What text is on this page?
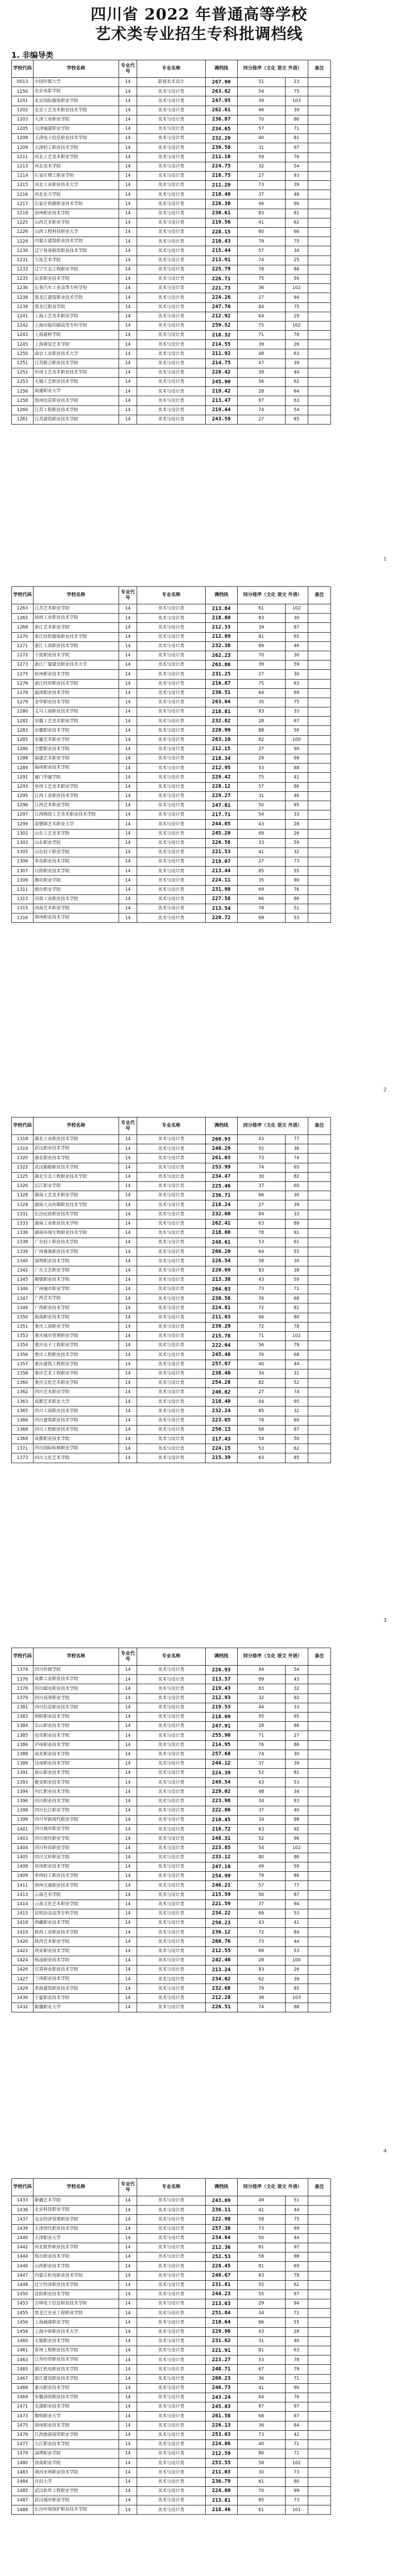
四川省 2022 年普通高等学校
艺术类专业招生专科批调档线
1. 非编导类
学校代码	学校名称	专业代号	专业名称	调档线	同分排序（文化 语文 外语）		备注
0013	中国传媒大学	14	影视美术设计	267.90	51	23	
1150	北京电影学院	14	美术与设计类	263.82	54	75	
1201	北京国际服装职业学院	14	美术与设计类	247.95	39	103	
1202	北京工艺美术职业技术学院	14	美术与设计类	262.61	46	39	
1203	天津工业职业学院	14	美术与设计类	236.87	70	86	
1205	天津城建职业学院	14	美术与设计类	234.65	57	71	
1208	天津电子信息职业技术学院	14	美术与设计类	232.20	40	81	
1209	天津轻工职业技术学院	14	美术与设计类	239.58	31	97	
1211	河北工艺美术职业学院	14	美术与设计类	211.10	59	76	
1213	河北美术学院	14	美术与设计类	224.75	32	54	
1214	石家庄理工职业学院	14	美术与设计类	218.75	27	93	
1215	河北工业职业技术大学	14	美术与设计类	211.29	73	39	
1216	河北东方学院	14	美术与设计类	210.40	37	48	
1217	石家庄铁路职业技术学院	14	美术与设计类	226.30	46	90	
1218	沧州职业技术学院	14	美术与设计类	230.61	83	81	
1225	山西艺术职业学院	14	美术与设计类	219.56	41	62	
1226	山西工程科技职业大学	14	美术与设计类	228.15	60	66	
1228	内蒙古建筑职业技术学院	14	美术与设计类	210.43	79	75	
1230	辽宁装备制造职业技术学院	14	美术与设计类	215.44	57	34	
1231	大连艺术学院	14	美术与设计类	213.91	74	25	
1233	辽宁生态工程职业学院	14	美术与设计类	225.79	78	88	
1235	长春职业技术学院	14	美术与设计类	226.71	75	56	
1236	长春汽车工业高等专科学校	14	美术与设计类	221.73	36	102	
1238	黑龙江建筑职业技术学院	14	美术与设计类	224.26	27	94	
1239	黑龙江职业学院	14	美术与设计类	247.76	84	75	
1241	上海工艺美术职业学院	14	美术与设计类	212.92	64	29	
1242	上海出版印刷高等专科学校	14	美术与设计类	259.52	75	102	
1243	上海建桥学院	14	美术与设计类	218.32	71	78	
1245	上海视觉艺术学院	14	美术与设计类	214.55	39	26	
1250	南京工业职业技术大学	14	美术与设计类	211.92	48	63	
1251	江苏联合职业技术学院	14	美术与设计类	214.75	47	39	
1252	苏州工艺美术职业技术学院	14	美术与设计类	228.42	39	44	
1253	无锡工艺职业技术学院	14	美术与设计类	245.90	56	62	
1256	南通职业大学	14	美术与设计类	219.42	28	64	
1258	常州信息职业技术学院	14	美术与设计类	213.47	87	63	
1260	江苏工程职业技术学院	14	美术与设计类	219.44	74	54	
1261	江苏建筑职业技术学院	14	美术与设计类	243.58	27	85	
1
学校代码	学校名称	专业代号	专业名称	调档线	同分排序（文化 语文 外语）		备注
1263	江苏艺术职业学院	14	美术与设计类	213.84	61	102	
1265	扬州工业职业技术学院	14	美术与设计类	218.80	83	30	
1268	浙江艺术职业学院	14	美术与设计类	212.33	39	87	
1270	浙江纺织服装职业技术学院	14	美术与设计类	212.89	81	65	
1271	浙江工商职业技术学院	14	美术与设计类	232.38	89	46	
1272	宁波职业技术学院	14	美术与设计类	262.23	70	30	
1273	浙江广厦建设职业技术大学	14	美术与设计类	263.86	39	59	
1275	杭州职业技术学院	14	美术与设计类	231.25	27	30	
1276	浙江经贸职业技术学院	14	美术与设计类	216.87	75	63	
1278	温州职业技术学院	14	美术与设计类	230.51	64	69	
1279	金华职业技术学院	14	美术与设计类	263.64	35	75	
1280	义乌工商职业技术学院	14	美术与设计类	218.81	83	33	
1282	安徽工艺美术职业学院	14	美术与设计类	232.82	28	67	
1283	安徽职业技术学院	14	美术与设计类	220.99	88	56	
1285	安徽艺术职业学院	14	美术与设计类	263.10	82	100	
1286	合肥职业技术学院	14	美术与设计类	212.15	27	90	
1288	福建艺术职业学院	14	美术与设计类	218.34	29	98	
1289	福州职业技术学院	14	美术与设计类	212.95	53	88	
1291	厦门华厦学院	14	美术与设计类	229.42	75	41	
1293	泉州工艺美术职业学院	14	美术与设计类	228.12	57	86	
1295	江西工业职业技术学院	14	美术与设计类	229.27	31	46	
1296	江西艺术职业学院	14	美术与设计类	247.81	50	95	
1297	江西陶瓷工艺美术职业技术学院	14	美术与设计类	217.71	54	33	
1299	景德镇艺术职业大学	14	美术与设计类	244.85	43	28	
1302	山东工艺美术学院	14	美术与设计类	245.20	69	26	
1303	山东职业学院	14	美术与设计类	226.58	33	59	
1305	山东轻工职业学院	14	美术与设计类	221.53	41	32	
1306	青岛职业技术学院	14	美术与设计类	219.07	27	73	
1307	日照职业技术学院	14	美术与设计类	213.44	85	55	
1309	潍坊职业学院	14	美术与设计类	224.11	35	90	
1311	烟台职业学院	14	美术与设计类	231.98	69	76	
1313	河南工业职业技术学院	14	美术与设计类	227.58	66	86	
1315	河南艺术职业学院	14	美术与设计类	213.54	78	51	
1316	郑州职业技术学院	14	美术与设计类	220.72	69	53	
2
学校代码	学校名称	专业代号	专业名称	调档线	同分排序（文化 语文 外语）		备注
1318	湖北工业职业技术学院	14	美术与设计类	260.93	43	77	
1319	武汉职业技术学院	14	美术与设计类	240.29	55	36	
1320	湖北职业技术学院	14	美术与设计类	261.03	73	74	
1322	武汉船舶职业技术学院	14	美术与设计类	253.99	74	65	
1325	湖北生态工程职业技术学院	14	美术与设计类	234.47	30	82	
1326	长江职业学院	14	美术与设计类	225.46	37	60	
1328	湖南工艺美术职业学院	14	美术与设计类	236.71	66	30	
1329	湖南大众传媒职业技术学院	14	美术与设计类	218.24	27	39	
1331	长沙民政职业技术学院	14	美术与设计类	232.60	84	33	
1333	湖南工业职业技术学院	14	美术与设计类	262.41	63	89	
1336	湖南环境生物职业技术学院	14	美术与设计类	218.80	78	91	
1338	广东轻工职业技术学院	14	美术与设计类	248.61	53	61	
1339	广州番禺职业技术学院	14	美术与设计类	260.20	64	55	
1340	深圳职业技术学院	14	美术与设计类	226.54	58	30	
1342	广东文艺职业学院	14	美术与设计类	220.69	83	38	
1345	顺德职业技术学院	14	美术与设计类	213.38	43	59	
1346	广州城市职业学院	14	美术与设计类	264.03	73	71	
1347	广西艺术学院	14	美术与设计类	230.58	76	68	
1349	广西职业技术学院	14	美术与设计类	224.81	72	81	
1350	海南职业技术学院	14	美术与设计类	211.63	46	80	
1351	重庆工商职业学院	14	美术与设计类	239.29	72	78	
1353	重庆城市管理职业学院	14	美术与设计类	215.78	71	102	
1354	重庆电子工程职业学院	14	美术与设计类	222.04	56	79	
1356	重庆工程职业技术学院	14	美术与设计类	245.48	76	68	
1357	重庆建筑工程职业学院	14	美术与设计类	257.87	40	44	
1358	重庆艺术工程职业学院	14	美术与设计类	238.40	34	31	
1360	重庆文化艺术职业学院	14	美术与设计类	254.28	82	52	
1362	四川艺术职业学院	14	美术与设计类	246.02	27	74	
1363	成都艺术职业大学	14	美术与设计类	210.40	44	95	
1365	四川工商职业技术学院	14	美术与设计类	232.24	85	32	
1366	四川建筑职业技术学院	14	美术与设计类	223.65	78	60	
1368	四川工程职业技术学院	14	美术与设计类	250.13	68	87	
1369	成都职业技术学院	14	美术与设计类	217.43	54	50	
1371	四川国际标榜职业学院	14	美术与设计类	224.15	53	62	
1373	四川文化艺术学院	14	美术与设计类	215.39	63	85	
3
学校代码	学校名称	专业代号	专业名称	调档线	同分排序（文化 语文 外语）		备注
1374	四川传媒学院	14	美术与设计类	226.93	44	54	
1376	成都工业职业技术学院	14	美术与设计类	213.57	89	43	
1378	四川邮电职业技术学院	14	美术与设计类	219.43	83	32	
1379	四川商务职业学院	14	美术与设计类	212.93	32	92	
1381	四川信息职业技术学院	14	美术与设计类	219.53	44	33	
1383	绵阳职业技术学院	14	美术与设计类	218.69	55	95	
1384	乐山职业技术学院	14	美术与设计类	247.91	28	86	
1385	宜宾职业技术学院	14	美术与设计类	255.90	71	27	
1386	泸州职业技术学院	14	美术与设计类	214.95	76	86	
1388	南充职业技术学院	14	美术与设计类	257.68	74	30	
1389	达州职业技术学院	14	美术与设计类	244.12	37	39	
1391	眉山职业技术学院	14	美术与设计类	224.39	52	81	
1393	雅安职业技术学院	14	美术与设计类	249.54	43	53	
1394	内江职业技术学院	14	美术与设计类	229.02	48	34	
1396	四川职业技术学院	14	美术与设计类	223.98	34	83	
1398	四川长江职业学院	14	美术与设计类	222.86	37	40	
1399	四川华新现代职业学院	14	美术与设计类	210.45	34	88	
1401	四川城市职业学院	14	美术与设计类	216.72	63	92	
1403	四川现代职业学院	14	美术与设计类	248.31	52	96	
1404	四川科技职业学院	14	美术与设计类	223.85	54	102	
1405	四川文轩职业学院	14	美术与设计类	233.12	80	86	
1408	贵州职业技术学院	14	美术与设计类	247.16	49	58	
1409	贵州轻工职业技术学院	14	美术与设计类	254.99	79	86	
1411	贵州交通职业技术学院	14	美术与设计类	246.21	57	77	
1413	云南艺术学院	14	美术与设计类	215.59	50	87	
1414	云南文化艺术职业学院	14	美术与设计类	221.59	37	94	
1415	昆明冶金高等专科学校	14	美术与设计类	234.22	69	53	
1418	西藏职业技术学院	14	美术与设计类	250.23	43	41	
1419	陕西工业职业技术学院	14	美术与设计类	236.12	72	84	
1420	陕西艺术职业学院	14	美术与设计类	260.76	73	44	
1422	西安职业技术学院	14	美术与设计类	212.55	69	53	
1424	杨凌职业技术学院	14	美术与设计类	242.40	28	100	
1426	甘肃林业职业技术学院	14	美术与设计类	213.24	83	26	
1427	兰州职业技术学院	14	美术与设计类	234.02	62	39	
1429	青海建筑职业技术学院	14	美术与设计类	232.68	79	85	
1430	宁夏职业技术学院	14	美术与设计类	212.28	38	103	
1432	新疆职业大学	14	美术与设计类	226.51	74	88	
4
学校代码	学校名称	专业代号	专业名称	调档线	同分排序（文化 语文 外语）		备注
1433	新疆艺术学院	14	美术与设计类	243.69	49	51	
1436	北京科技职业学院	14	美术与设计类	236.11	41	44	
1437	北京经济管理职业学院	14	美术与设计类	222.98	58	75	
1439	天津现代职业技术学院	14	美术与设计类	257.38	73	99	
1440	天津职业大学	14	美术与设计类	234.64	50	44	
1442	河北软件职业技术学院	14	美术与设计类	212.36	61	97	
1444	邢台职业技术学院	14	美术与设计类	252.53	58	98	
1446	山西职业技术学院	14	美术与设计类	228.45	81	69	
1447	内蒙古机电职业技术学院	14	美术与设计类	248.67	83	78	
1448	辽宁经济职业技术学院	14	美术与设计类	231.81	55	62	
1450	沈阳职业技术学院	14	美术与设计类	244.23	55	97	
1453	吉林电子信息职业技术学院	14	美术与设计类	213.63	29	94	
1455	黑龙江农业工程职业学院	14	美术与设计类	251.84	34	71	
1456	上海城建职业学院	14	美术与设计类	210.64	66	55	
1458	上海中侨职业技术大学	14	美术与设计类	229.96	43	28	
1460	无锡职业技术学院	14	美术与设计类	231.62	31	40	
1461	常州工程职业技术学院	14	美术与设计类	221.91	81	63	
1463	江苏经贸职业技术学院	14	美术与设计类	223.27	53	78	
1465	浙江机电职业技术学院	14	美术与设计类	248.71	67	79	
1467	浙江建设职业技术学院	14	美术与设计类	260.23	36	71	
1468	嘉兴职业技术学院	14	美术与设计类	246.73	41	90	
1469	安徽商贸职业技术学院	14	美术与设计类	243.24	64	76	
1471	芜湖职业技术学院	14	美术与设计类	245.83	87	97	
1473	黎明职业大学	14	美术与设计类	261.58	68	67	
1475	漳州职业技术学院	14	美术与设计类	226.13	36	84	
1476	江西旅游商贸职业学院	14	美术与设计类	253.63	73	42	
1477	九江职业技术学院	14	美术与设计类	224.86	40	71	
1479	淄博职业学院	14	美术与设计类	212.59	80	71	
1480	济南职业学院	14	美术与设计类	253.55	58	102	
1483	黄河水利职业技术学院	14	美术与设计类	211.03	30	73	
1484	开封大学	14	美术与设计类	236.79	61	80	
1485	武汉软件工程职业学院	14	美术与设计类	224.80	70	99	
1487	武汉城市职业学院	14	美术与设计类	213.81	85	73	
1488	长沙环境保护职业技术学院	14	美术与设计类	218.46	61	101	
